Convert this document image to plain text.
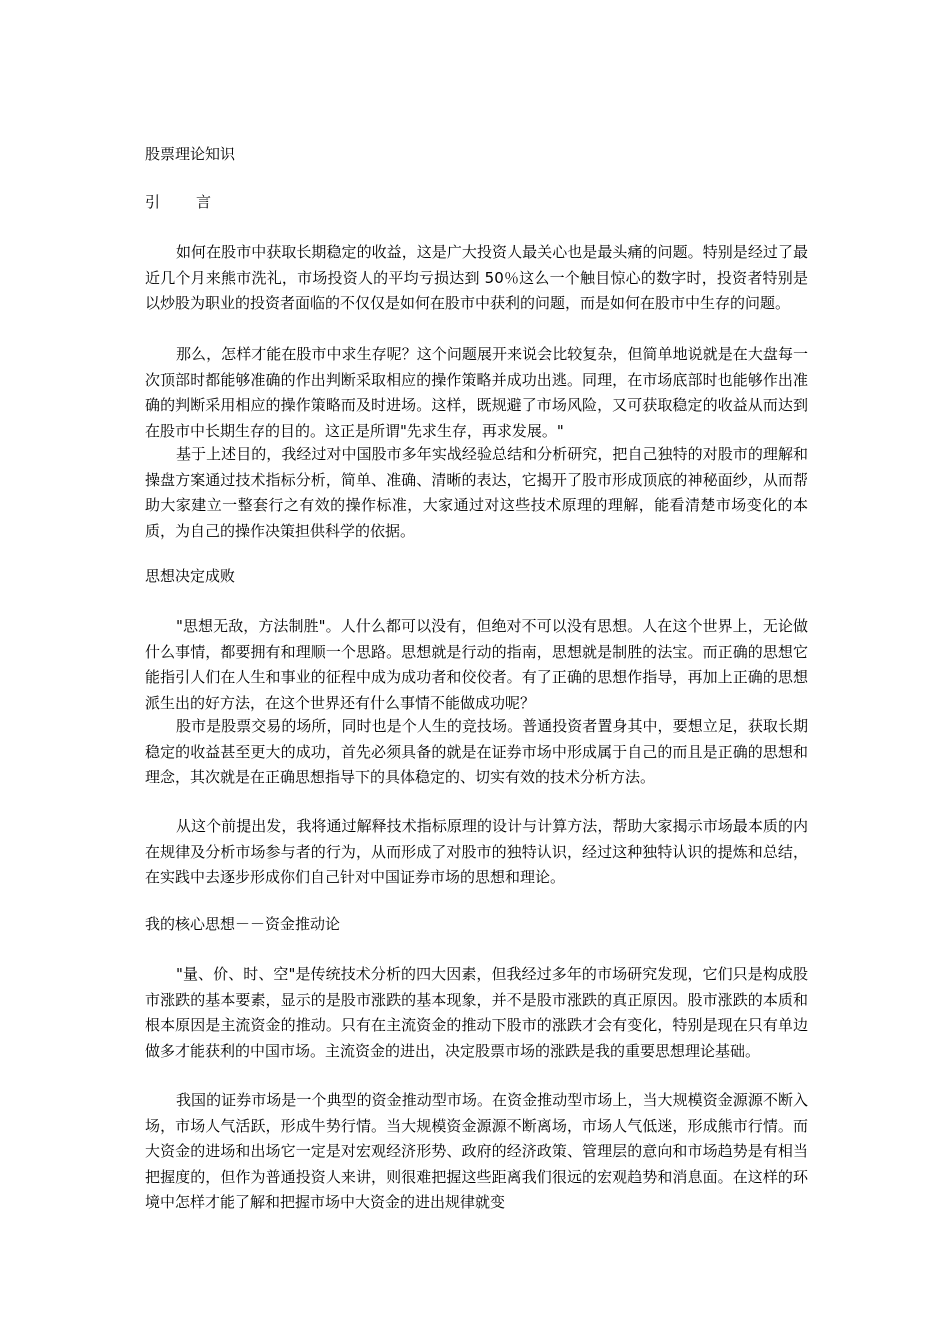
股票理论知识
引 言

如何在股市中获取长期稳定的收益，这是广大投资人最关心也是最头痛的问题。特别是经过了最近几个月来熊市洗礼，市场投资人的平均亏损达到 50％这么一个触目惊心的数字时，投资者特别是以炒股为职业的投资者面临的不仅仅是如何在股市中获利的问题，而是如何在股市中生存的问题。

那么，怎样才能在股市中求生存呢？这个问题展开来说会比较复杂，但简单地说就是在大盘每一次顶部时都能够准确的作出判断采取相应的操作策略并成功出逃。同理，在市场底部时也能够作出准确的判断采用相应的操作策略而及时进场。这样，既规避了市场风险，又可获取稳定的收益从而达到在股市中长期生存的目的。这正是所谓"先求生存，再求发展。"

基于上述目的，我经过对中国股市多年实战经验总结和分析研究，把自己独特的对股市的理解和操盘方案通过技术指标分析，简单、准确、清晰的表达，它揭开了股市形成顶底的神秘面纱，从而帮助大家建立一整套行之有效的操作标准，大家通过对这些技术原理的理解，能看清楚市场变化的本质，为自己的操作决策担供科学的依据。

思想决定成败

"思想无敌，方法制胜"。人什么都可以没有，但绝对不可以没有思想。人在这个世界上，无论做什么事情，都要拥有和理顺一个思路。思想就是行动的指南，思想就是制胜的法宝。而正确的思想它能指引人们在人生和事业的征程中成为成功者和佼佼者。有了正确的思想作指导，再加上正确的思想派生出的好方法，在这个世界还有什么事情不能做成功呢？

股市是股票交易的场所，同时也是个人生的竞技场。普通投资者置身其中，要想立足，获取长期稳定的收益甚至更大的成功，首先必须具备的就是在证券市场中形成属于自己的而且是正确的思想和理念，其次就是在正确思想指导下的具体稳定的、切实有效的技术分析方法。

从这个前提出发，我将通过解释技术指标原理的设计与计算方法，帮助大家揭示市场最本质的内在规律及分析市场参与者的行为，从而形成了对股市的独特认识，经过这种独特认识的提炼和总结，在实践中去逐步形成你们自己针对中国证券市场的思想和理论。

我的核心思想－－资金推动论

"量、价、时、空"是传统技术分析的四大因素，但我经过多年的市场研究发现，它们只是构成股市涨跌的基本要素，显示的是股市涨跌的基本现象，并不是股市涨跌的真正原因。股市涨跌的本质和根本原因是主流资金的推动。只有在主流资金的推动下股市的涨跌才会有变化，特别是现在只有单边做多才能获利的中国市场。主流资金的进出，决定股票市场的涨跌是我的重要思想理论基础。

我国的证券市场是一个典型的资金推动型市场。在资金推动型市场上，当大规模资金源源不断入场，市场人气活跃，形成牛势行情。当大规模资金源源不断离场，市场人气低迷，形成熊市行情。而大资金的进场和出场它一定是对宏观经济形势、政府的经济政策、管理层的意向和市场趋势是有相当把握度的，但作为普通投资人来讲，则很难把握这些距离我们很远的宏观趋势和消息面。在这样的环境中怎样才能了解和把握市场中大资金的进出规律就变
